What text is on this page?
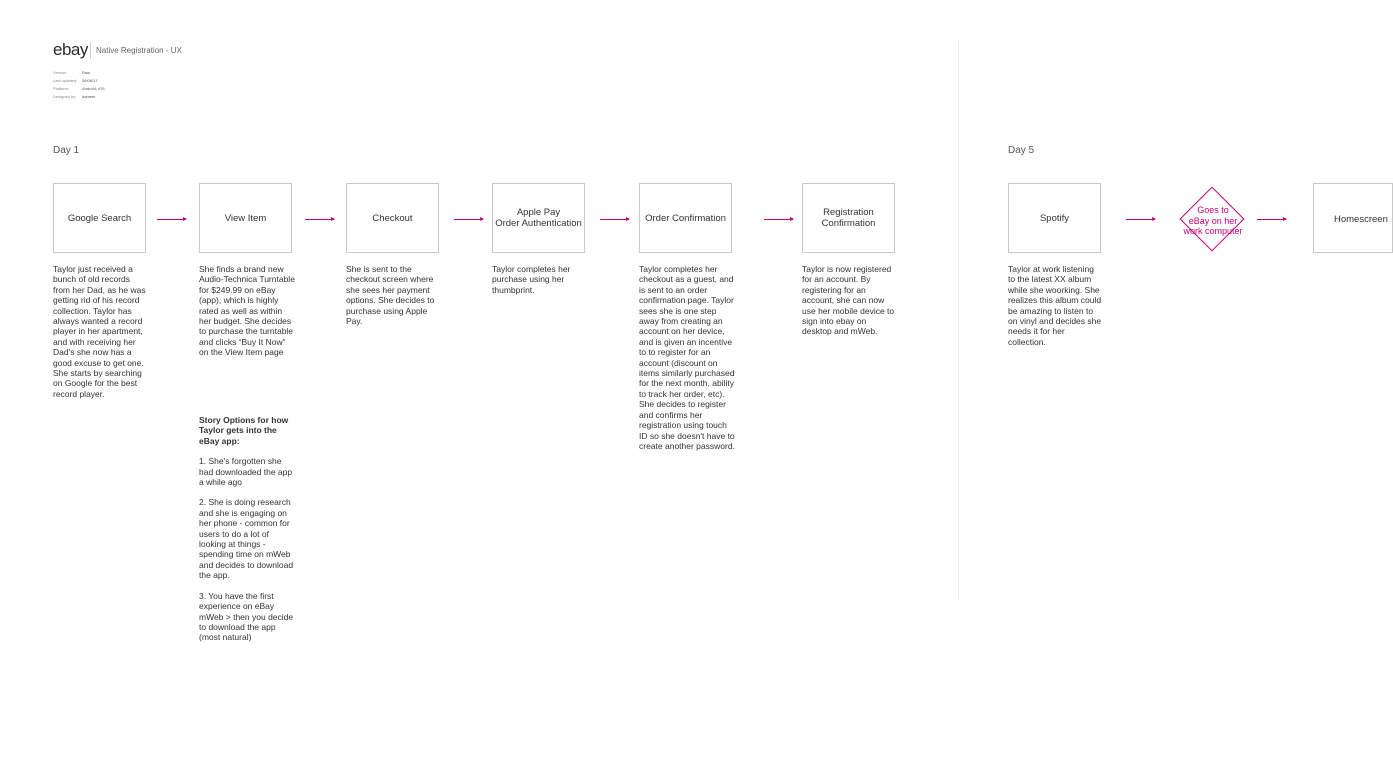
ebay Native Registration - UX
Version:	Raw
Last updated: 06/06/17
Platform:	Android, iOS
Designed by: dameet
Day 1	Day 5
Google Search	View Item	Checkout	Apple Pay
Order Authentication	Order Confirmation	Registration
Confirmation	Spotify
Goes to
eBay on her
work computer
Homescreen
Taylor just received a bunch of old records from her Dad, as he was getting rid of his record collection. Taylor has always wanted a record player in her apartment, and with receiving her Dad's she now has a good excuse to get one. She starts by searching on Google for the best record player.
She finds a brand new Audio-Technica Turntable for $249.99 on eBay (app), which is highly rated as well as within her budget. She decides to purchase the turntable and clicks “Buy It Now” on the View Item page
She is sent to the checkout screen where she sees her payment options. She decides to purchase using Apple Pay.
Taylor completes her purchase using her thumbprint.
Taylor completes her checkout as a guest, and is sent to an order confirmation page. Taylor sees she is one step away from creating an account on her device, and is given an incentive to to register for an account (discount on items similarly purchased for the next month, ability to track her order, etc). She decides to register and confirms her registration using touch ID so she doesn't have to create another password.
Taylor is now registered for an account. By registering for an account, she can now use her mobile device to sign into ebay on desktop and mWeb.
Taylor at work listening to the latest XX album while she woorking. She realizes this album could be amazing to listen to on vinyl and decides she needs it for her collection.
Story Options for how Taylor gets into the eBay app:
1. She's forgotten she had downloaded the app a while ago
2. She is doing research and she is engaging on her phone - common for users to do a lot of looking at things - spending time on mWeb and decides to download the app.
3. You have the first experience on eBay mWeb > then you decide to download the app (most natural)
